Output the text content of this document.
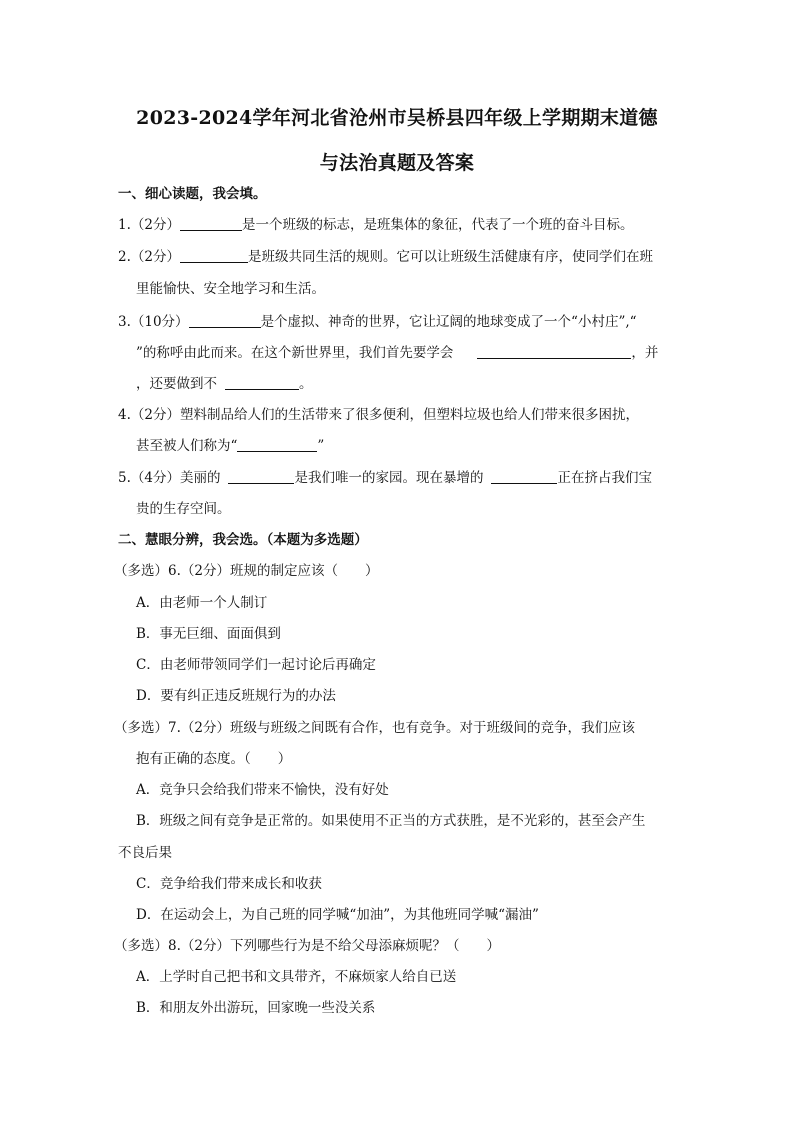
2023-2024学年河北省沧州市吴桥县四年级上学期期末道德
与法治真题及答案
一、细心读题，我会填。
1.（2分）	是一个班级的标志，是班集体的象征，代表了一个班的奋斗目标。
2.（2分）	是班级共同生活的规则。它可以让班级生活健康有序，使同学们在班
里能愉快、安全地学习和生活。
3.（10分）	是个虚拟、神奇的世界，它让辽阔的地球变成了一个“小村庄”,“
”的称呼由此而来。在这个新世界里，我们首先要学会	，并
，还要做到不	。
4.（2分）塑料制品给人们的生活带来了很多便利，但塑料垃圾也给人们带来很多困扰，
甚至被人们称为“	”
5.（4分）美丽的	是我们唯一的家园。现在暴增的	正在挤占我们宝
贵的生存空间。
二、慧眼分辨，我会选。（本题为多选题）
（多选）6.（2分）班规的制定应该（　　）
A．由老师一个人制订
B．事无巨细、面面俱到
C．由老师带领同学们一起讨论后再确定
D．要有纠正违反班规行为的办法
（多选）7.（2分）班级与班级之间既有合作，也有竞争。对于班级间的竞争，我们应该
抱有正确的态度。（　　）
A．竞争只会给我们带来不愉快，没有好处
B．班级之间有竞争是正常的。如果使用不正当的方式获胜，是不光彩的，甚至会产生
不良后果
C．竞争给我们带来成长和收获
D．在运动会上，为自己班的同学喊“加油”，为其他班同学喊“漏油”
（多选）8.（2分）下列哪些行为是不给父母添麻烦呢？（　　）
A．上学时自己把书和文具带齐，不麻烦家人给自已送
B．和朋友外出游玩，回家晚一些没关系
